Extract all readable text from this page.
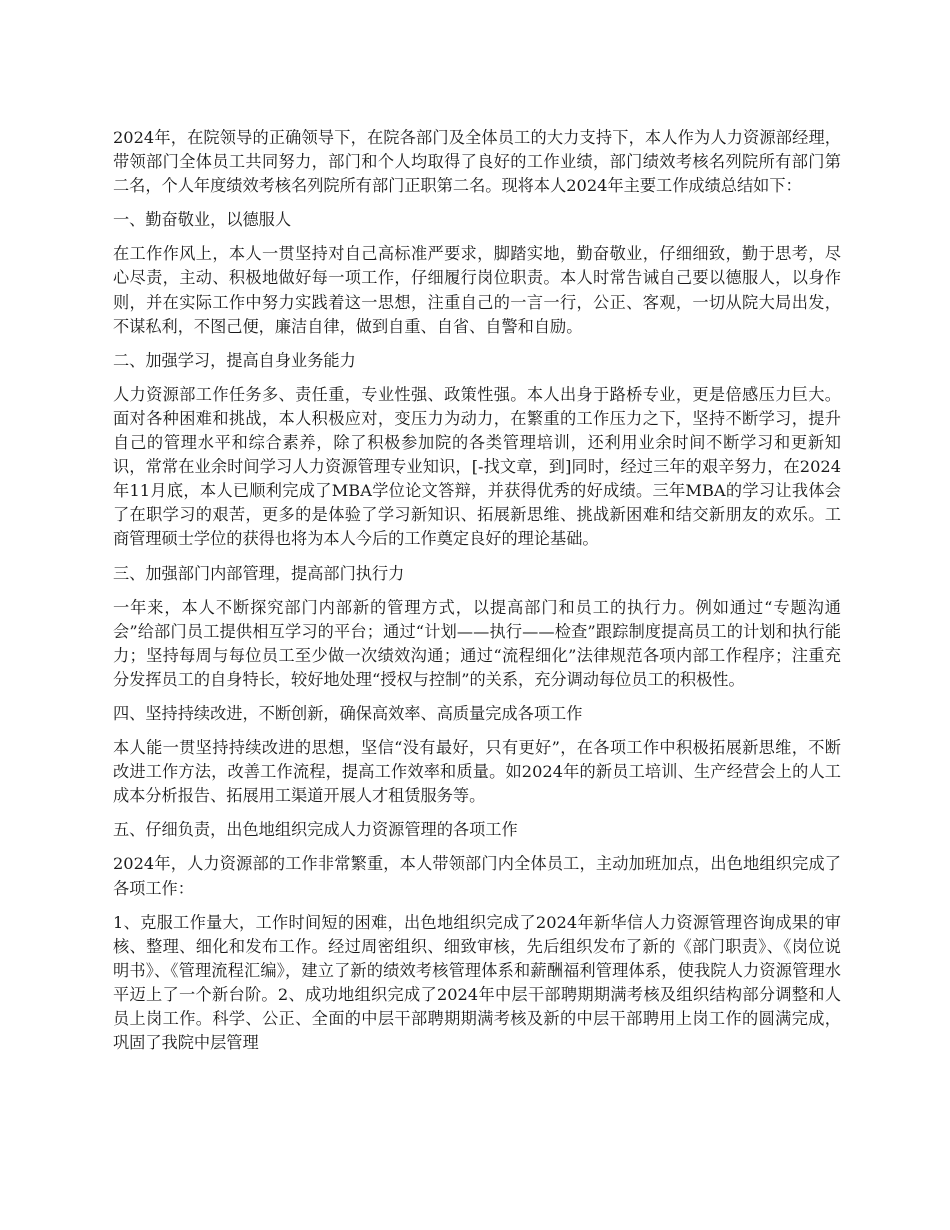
2024年，在院领导的正确领导下，在院各部门及全体员工的大力支持下，本人作为人力资源部经理，带领部门全体员工共同努力，部门和个人均取得了良好的工作业绩，部门绩效考核名列院所有部门第二名，个人年度绩效考核名列院所有部门正职第二名。现将本人2024年主要工作成绩总结如下：

一、勤奋敬业，以德服人

在工作作风上，本人一贯坚持对自己高标准严要求，脚踏实地，勤奋敬业，仔细细致，勤于思考，尽心尽责，主动、积极地做好每一项工作，仔细履行岗位职责。本人时常告诫自己要以德服人，以身作则，并在实际工作中努力实践着这一思想，注重自己的一言一行，公正、客观，一切从院大局出发，不谋私利，不图己便，廉洁自律，做到自重、自省、自警和自励。

二、加强学习，提高自身业务能力

人力资源部工作任务多、责任重，专业性强、政策性强。本人出身于路桥专业，更是倍感压力巨大。面对各种困难和挑战，本人积极应对，变压力为动力，在繁重的工作压力之下，坚持不断学习，提升自己的管理水平和综合素养，除了积极参加院的各类管理培训，还利用业余时间不断学习和更新知识，常常在业余时间学习人力资源管理专业知识，[-找文章，到]同时，经过三年的艰辛努力，在2024年11月底，本人已顺利完成了MBA学位论文答辩，并获得优秀的好成绩。三年MBA的学习让我体会了在职学习的艰苦，更多的是体验了学习新知识、拓展新思维、挑战新困难和结交新朋友的欢乐。工商管理硕士学位的获得也将为本人今后的工作奠定良好的理论基础。

三、加强部门内部管理，提高部门执行力

一年来，本人不断探究部门内部新的管理方式，以提高部门和员工的执行力。例如通过“专题沟通会”给部门员工提供相互学习的平台；通过“计划——执行——检查”跟踪制度提高员工的计划和执行能力；坚持每周与每位员工至少做一次绩效沟通；通过“流程细化”法律规范各项内部工作程序；注重充分发挥员工的自身特长，较好地处理“授权与控制”的关系，充分调动每位员工的积极性。

四、坚持持续改进，不断创新，确保高效率、高质量完成各项工作

本人能一贯坚持持续改进的思想，坚信“没有最好，只有更好”，在各项工作中积极拓展新思维，不断改进工作方法，改善工作流程，提高工作效率和质量。如2024年的新员工培训、生产经营会上的人工成本分析报告、拓展用工渠道开展人才租赁服务等。

五、仔细负责，出色地组织完成人力资源管理的各项工作

2024年，人力资源部的工作非常繁重，本人带领部门内全体员工，主动加班加点，出色地组织完成了各项工作：

1、克服工作量大，工作时间短的困难，出色地组织完成了2024年新华信人力资源管理咨询成果的审核、整理、细化和发布工作。经过周密组织、细致审核，先后组织发布了新的《部门职责》、《岗位说明书》、《管理流程汇编》，建立了新的绩效考核管理体系和薪酬福利管理体系，使我院人力资源管理水平迈上了一个新台阶。2、成功地组织完成了2024年中层干部聘期期满考核及组织结构部分调整和人员上岗工作。科学、公正、全面的中层干部聘期期满考核及新的中层干部聘用上岗工作的圆满完成，巩固了我院中层管理
